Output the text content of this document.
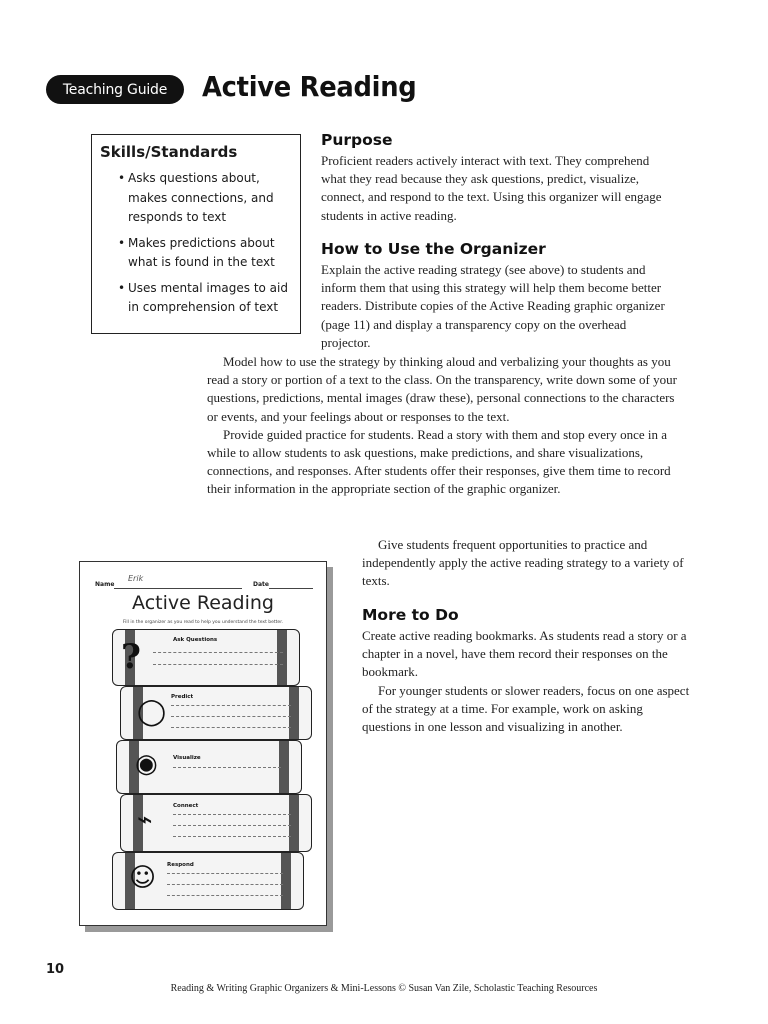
Teaching Guide	Active Reading
Skills/Standards
• Asks questions about, makes connections, and responds to text
• Makes predictions about what is found in the text
• Uses mental images to aid in comprehension of text
Purpose

Proficient readers actively interact with text. They comprehend what they read because they ask questions, predict, visualize, connect, and respond to the text. Using this organizer will engage students in active reading.

How to Use the Organizer

Explain the active reading strategy (see above) to students and inform them that using this strategy will help them become better readers. Distribute copies of the Active Reading graphic organizer (page 11) and display a transparency copy on the overhead projector.

Model how to use the strategy by thinking aloud and verbalizing your thoughts as you read a story or portion of a text to the class. On the transparency, write down some of your questions, predictions, mental images (draw these), personal connections to the characters or events, and your feelings about or responses to the text.

Provide guided practice for students. Read a story with them and stop every once in a while to allow students to ask questions, make predictions, and share visualizations, connections, and responses. After students offer their responses, give them time to record their information in the appropriate section of the graphic organizer.

Give students frequent opportunities to practice and independently apply the active reading strategy to a variety of texts.

More to Do

Create active reading bookmarks. As students read a story or a chapter in a novel, have them record their responses on the bookmark.

For younger students or slower readers, focus on one aspect of the strategy at a time. For example, work on asking questions in one lesson and visualizing in another.

Name
Erik
Date
Active Reading
Fill in the organizer as you read to help you understand the text better.
?	Ask Questions
◯ Predict
◉	Visualize
⌁	Connect
☺ Respond
10
Reading & Writing Graphic Organizers & Mini-Lessons © Susan Van Zile, Scholastic Teaching Resources
